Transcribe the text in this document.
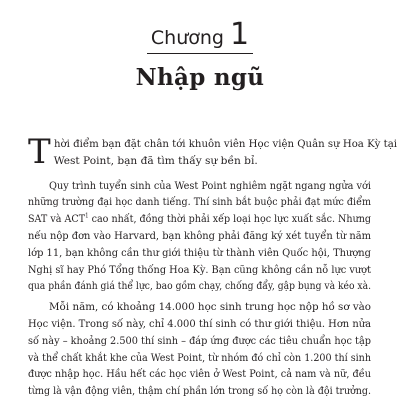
Chương 1
Nhập ngũ

T hời điểm bạn đặt chân tới khuôn viên Học viện Quân sự Hoa Kỳ tại
West Point, bạn đã tìm thấy sự bền bỉ.

Quy trình tuyển sinh của West Point nghiêm ngặt ngang ngửa với
những trường đại học danh tiếng. Thí sinh bắt buộc phải đạt mức điểm
SAT và ACT$^1$ cao nhất, đồng thời phải xếp loại học lực xuất sắc. Nhưng
nếu nộp đơn vào Harvard, bạn không phải đăng ký xét tuyển từ năm
lớp 11, bạn không cần thư giới thiệu từ thành viên Quốc hội, Thượng
Nghị sĩ hay Phó Tổng thống Hoa Kỳ. Bạn cũng không cần nỗ lực vượt
qua phần đánh giá thể lực, bao gồm chạy, chống đẩy, gập bụng và kéo xà.

Mỗi năm, có khoảng 14.000 học sinh trung học nộp hồ sơ vào
Học viện. Trong số này, chỉ 4.000 thí sinh có thư giới thiệu. Hơn nửa
số này – khoảng 2.500 thí sinh – đáp ứng được các tiêu chuẩn học tập
và thể chất khắt khe của West Point, từ nhóm đó chỉ còn 1.200 thí sinh
được nhập học. Hầu hết các học viên ở West Point, cả nam và nữ, đều
từng là vận động viên, thậm chí phần lớn trong số họ còn là đội trưởng.
